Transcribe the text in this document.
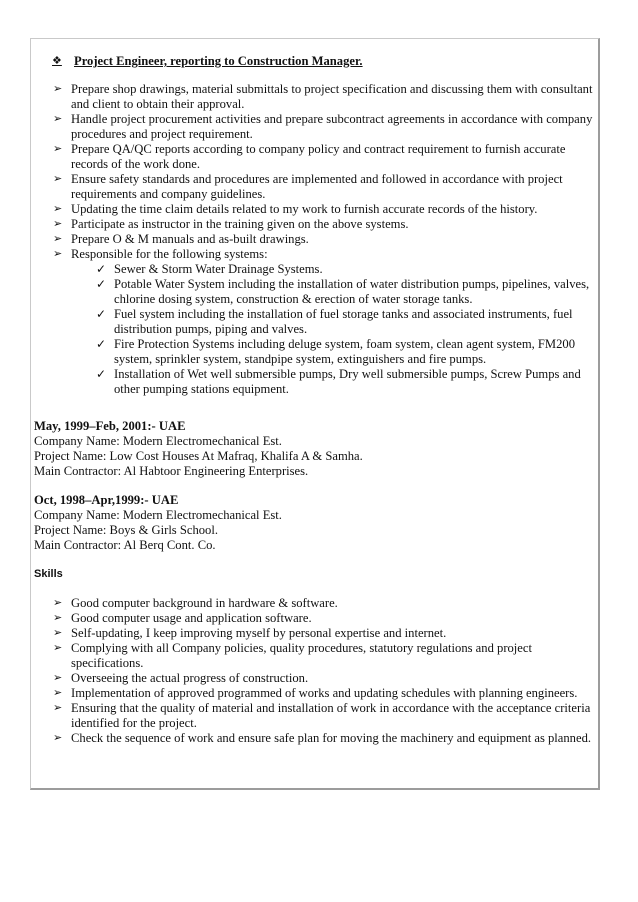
❖ Project Engineer, reporting to Construction Manager.
➢ Prepare shop drawings, material submittals to project specification and discussing them with consultant and client to obtain their approval.
➢ Handle project procurement activities and prepare subcontract agreements in accordance with company procedures and project requirement.
➢ Prepare QA/QC reports according to company policy and contract requirement to furnish accurate records of the work done.
➢ Ensure safety standards and procedures are implemented and followed in accordance with project requirements and company guidelines.
➢ Updating the time claim details related to my work to furnish accurate records of the history.
➢ Participate as instructor in the training given on the above systems.
➢ Prepare O & M manuals and as-built drawings.
➢ Responsible for the following systems:
✓ Sewer & Storm Water Drainage Systems.
✓ Potable Water System including the installation of water distribution pumps, pipelines, valves, chlorine dosing system, construction & erection of water storage tanks.
✓ Fuel system including the installation of fuel storage tanks and associated instruments, fuel distribution pumps, piping and valves.
✓ Fire Protection Systems including deluge system, foam system, clean agent system, FM200 system, sprinkler system, standpipe system, extinguishers and fire pumps.
✓ Installation of Wet well submersible pumps, Dry well submersible pumps, Screw Pumps and other pumping stations equipment.
May, 1999–Feb, 2001:- UAE
Company Name: Modern Electromechanical Est.
Project Name: Low Cost Houses At Mafraq, Khalifa A & Samha.
Main Contractor: Al Habtoor Engineering Enterprises.
Oct, 1998–Apr,1999:- UAE
Company Name: Modern Electromechanical Est.
Project Name: Boys & Girls School.
Main Contractor: Al Berq Cont. Co.
Skills
➢ Good computer background in hardware & software.
➢ Good computer usage and application software.
➢ Self-updating, I keep improving myself by personal expertise and internet.
➢ Complying with all Company policies, quality procedures, statutory regulations and project specifications.
➢ Overseeing the actual progress of construction.
➢ Implementation of approved programmed of works and updating schedules with planning engineers.
➢ Ensuring that the quality of material and installation of work in accordance with the acceptance criteria identified for the project.
➢ Check the sequence of work and ensure safe plan for moving the machinery and equipment as planned.
